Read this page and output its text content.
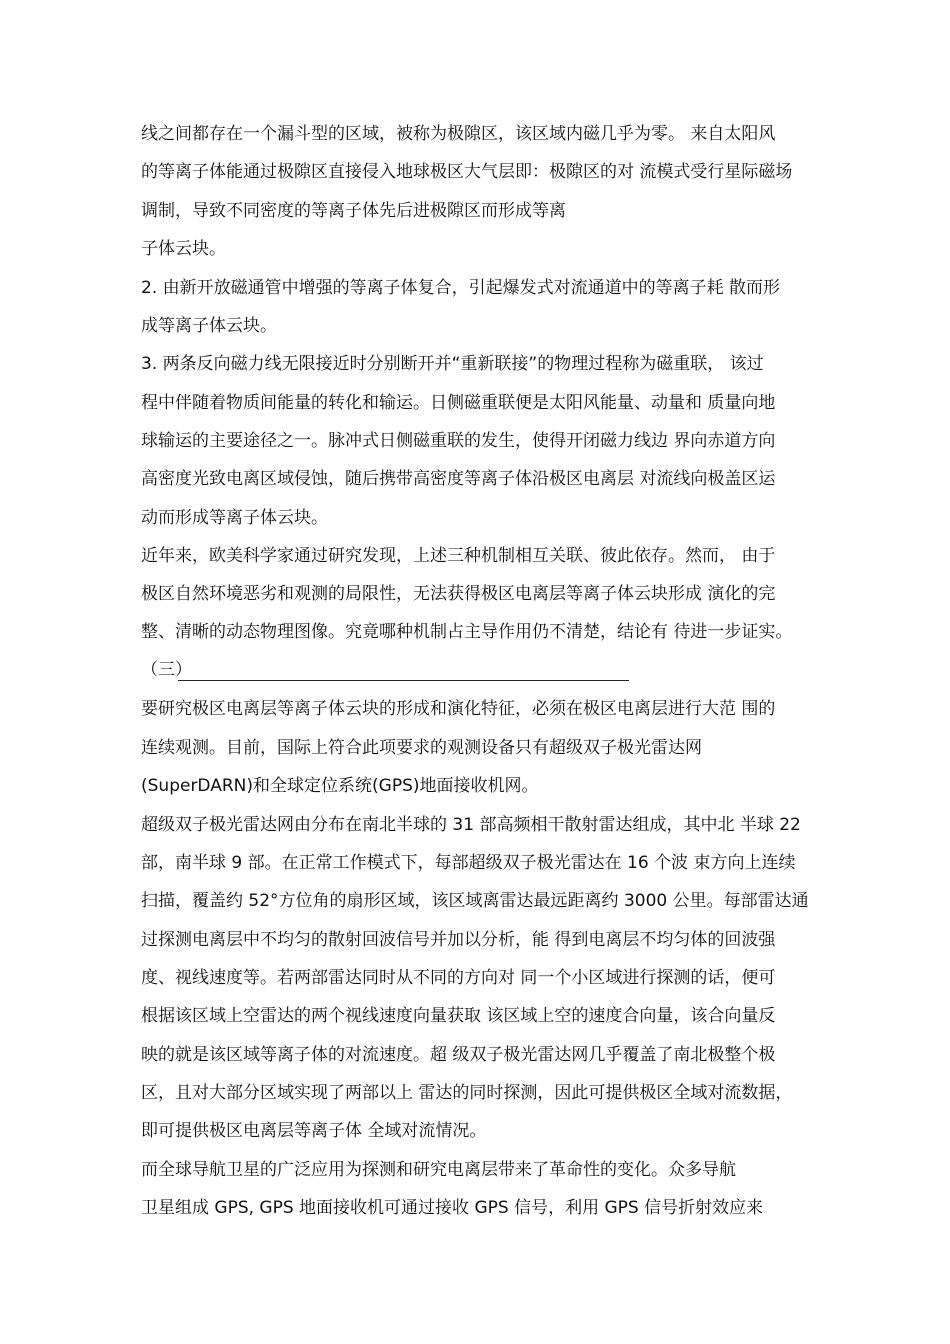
线之间都存在一个漏斗型的区域，被称为极隙区，该区域内磁几乎为零。 来自太阳风
的等离子体能通过极隙区直接侵入地球极区大气层即：极隙区的对 流模式受行星际磁场
调制，导致不同密度的等离子体先后进极隙区而形成等离
子体云块。
2. 由新开放磁通管中增强的等离子体复合，引起爆发式对流通道中的等离子耗 散而形
成等离子体云块。
3. 两条反向磁力线无限接近时分别断开并“重新联接”的物理过程称为磁重联， 该过
程中伴随着物质间能量的转化和输运。日侧磁重联便是太阳风能量、动量和 质量向地
球输运的主要途径之一。脉冲式日侧磁重联的发生，使得开闭磁力线边 界向赤道方向
高密度光致电离区域侵蚀，随后携带高密度等离子体沿极区电离层 对流线向极盖区运
动而形成等离子体云块。
近年来，欧美科学家通过研究发现，上述三种机制相互关联、彼此依存。然而， 由于
极区自然环境恶劣和观测的局限性，无法获得极区电离层等离子体云块形成 演化的完
整、清晰的动态物理图像。究竟哪种机制占主导作用仍不清楚，结论有 待进一步证实。
（三）
要研究极区电离层等离子体云块的形成和演化特征，必须在极区电离层进行大范 围的
连续观测。目前，国际上符合此项要求的观测设备只有超级双子极光雷达网
(SuperDARN)和全球定位系统(GPS)地面接收机网。
超级双子极光雷达网由分布在南北半球的 31 部高频相干散射雷达组成，其中北 半球 22
部，南半球 9 部。在正常工作模式下，每部超级双子极光雷达在 16 个波 束方向上连续
扫描，覆盖约 52°方位角的扇形区域，该区域离雷达最远距离约 3000 公里。每部雷达通
过探测电离层中不均匀的散射回波信号并加以分析，能 得到电离层不均匀体的回波强
度、视线速度等。若两部雷达同时从不同的方向对 同一个小区域进行探测的话，便可
根据该区域上空雷达的两个视线速度向量获取 该区域上空的速度合向量，该合向量反
映的就是该区域等离子体的对流速度。超 级双子极光雷达网几乎覆盖了南北极整个极
区，且对大部分区域实现了两部以上 雷达的同时探测，因此可提供极区全域对流数据，
即可提供极区电离层等离子体 全域对流情况。
而全球导航卫星的广泛应用为探测和研究电离层带来了革命性的变化。众多导航
卫星组成 GPS, GPS 地面接收机可通过接收 GPS 信号，利用 GPS 信号折射效应来
